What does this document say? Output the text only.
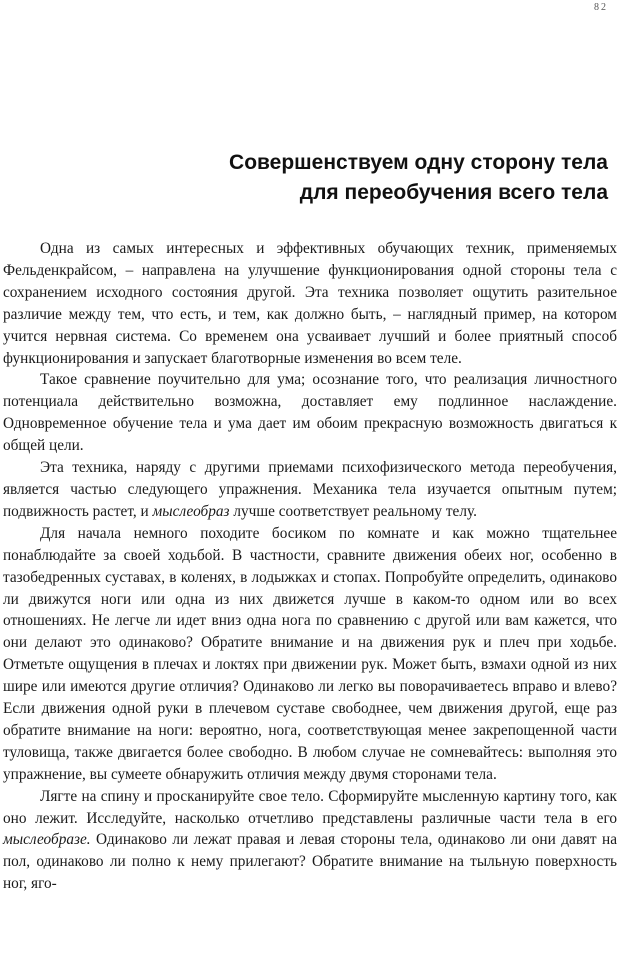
82
Совершенствуем одну сторону тела
для переобучения всего тела

Одна из самых интересных и эффективных обучающих техник, применяемых Фельденкрайсом, – направлена на улучшение функционирования одной стороны тела с сохранением исходного состояния другой. Эта техника позволяет ощутить разительное различие между тем, что есть, и тем, как должно быть, – наглядный пример, на котором учится нервная система. Со временем она усваивает лучший и более приятный способ функционирования и запускает благотворные изменения во всем теле.

Такое сравнение поучительно для ума; осознание того, что реализация личностного потенциала действительно возможна, доставляет ему подлинное наслаждение. Одновременное обучение тела и ума дает им обоим прекрасную возможность двигаться к общей цели.

Эта техника, наряду с другими приемами психофизического метода переобучения, является частью следующего упражнения. Механика тела изучается опытным путем; подвижность растет, и мыслеобраз лучше соответствует реальному телу.

Для начала немного походите босиком по комнате и как можно тщательнее понаблюдайте за своей ходьбой. В частности, сравните движения обеих ног, особенно в тазобедренных суставах, в коленях, в лодыжках и стопах. Попробуйте определить, одинаково ли движутся ноги или одна из них движется лучше в каком-то одном или во всех отношениях. Не легче ли идет вниз одна нога по сравнению с другой или вам кажется, что они делают это одинаково? Обратите внимание и на движения рук и плеч при ходьбе. Отметьте ощущения в плечах и локтях при движении рук. Может быть, взмахи одной из них шире или имеются другие отличия? Одинаково ли легко вы поворачиваетесь вправо и влево? Если движения одной руки в плечевом суставе свободнее, чем движения другой, еще раз обратите внимание на ноги: вероятно, нога, соответствующая менее закрепощенной части туловища, также двигается более свободно. В любом случае не сомневайтесь: выполняя это упражнение, вы сумеете обнаружить отличия между двумя сторонами тела.

Лягте на спину и просканируйте свое тело. Сформируйте мысленную картину того, как оно лежит. Исследуйте, насколько отчетливо представлены различные части тела в его мыслеобразе. Одинаково ли лежат правая и левая стороны тела, одинаково ли они давят на пол, одинаково ли полно к нему прилегают? Обратите внимание на тыльную поверхность ног, яго-
